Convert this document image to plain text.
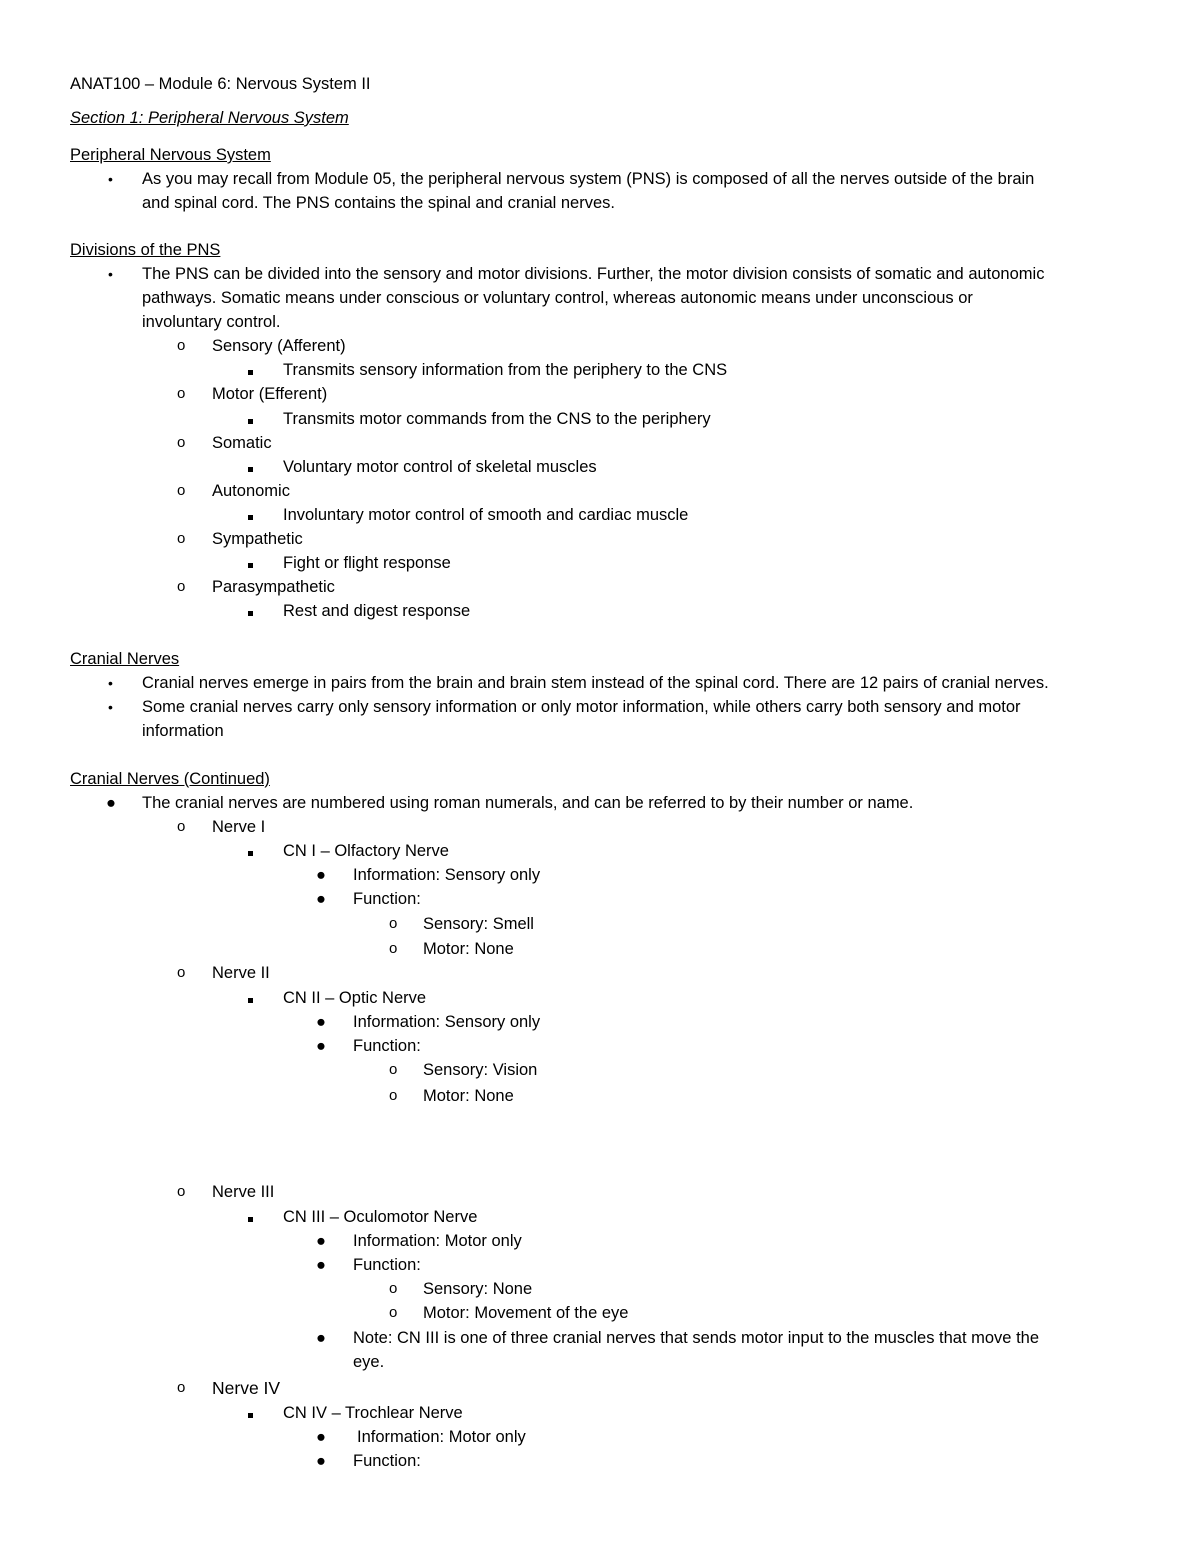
ANAT100 – Module 6: Nervous System II
Section 1: Peripheral Nervous System
Peripheral Nervous System
• As you may recall from Module 05, the peripheral nervous system (PNS) is composed of all the nerves outside of the brain
and spinal cord. The PNS contains the spinal and cranial nerves.
Divisions of the PNS
• The PNS can be divided into the sensory and motor divisions. Further, the motor division consists of somatic and autonomic
pathways. Somatic means under conscious or voluntary control, whereas autonomic means under unconscious or
involuntary control.
o Sensory (Afferent)
Transmits sensory information from the periphery to the CNS
o Motor (Efferent)
Transmits motor commands from the CNS to the periphery
o Somatic
Voluntary motor control of skeletal muscles
o Autonomic
Involuntary motor control of smooth and cardiac muscle
o Sympathetic
Fight or flight response
o Parasympathetic
Rest and digest response
Cranial Nerves
• Cranial nerves emerge in pairs from the brain and brain stem instead of the spinal cord. There are 12 pairs of cranial nerves.
• Some cranial nerves carry only sensory information or only motor information, while others carry both sensory and motor
information
Cranial Nerves (Continued)
● The cranial nerves are numbered using roman numerals, and can be referred to by their number or name.
o Nerve I
CN I – Olfactory Nerve
● Information: Sensory only
● Function:
o Sensory: Smell
o Motor: None
o Nerve II
CN II – Optic Nerve
● Information: Sensory only
● Function:
o Sensory: Vision
o Motor: None
o Nerve III
CN III – Oculomotor Nerve
● Information: Motor only
● Function:
o Sensory: None
o Motor: Movement of the eye
● Note: CN III is one of three cranial nerves that sends motor input to the muscles that move the
eye.
o Nerve IV
CN IV – Trochlear Nerve
● Information: Motor only
● Function:
